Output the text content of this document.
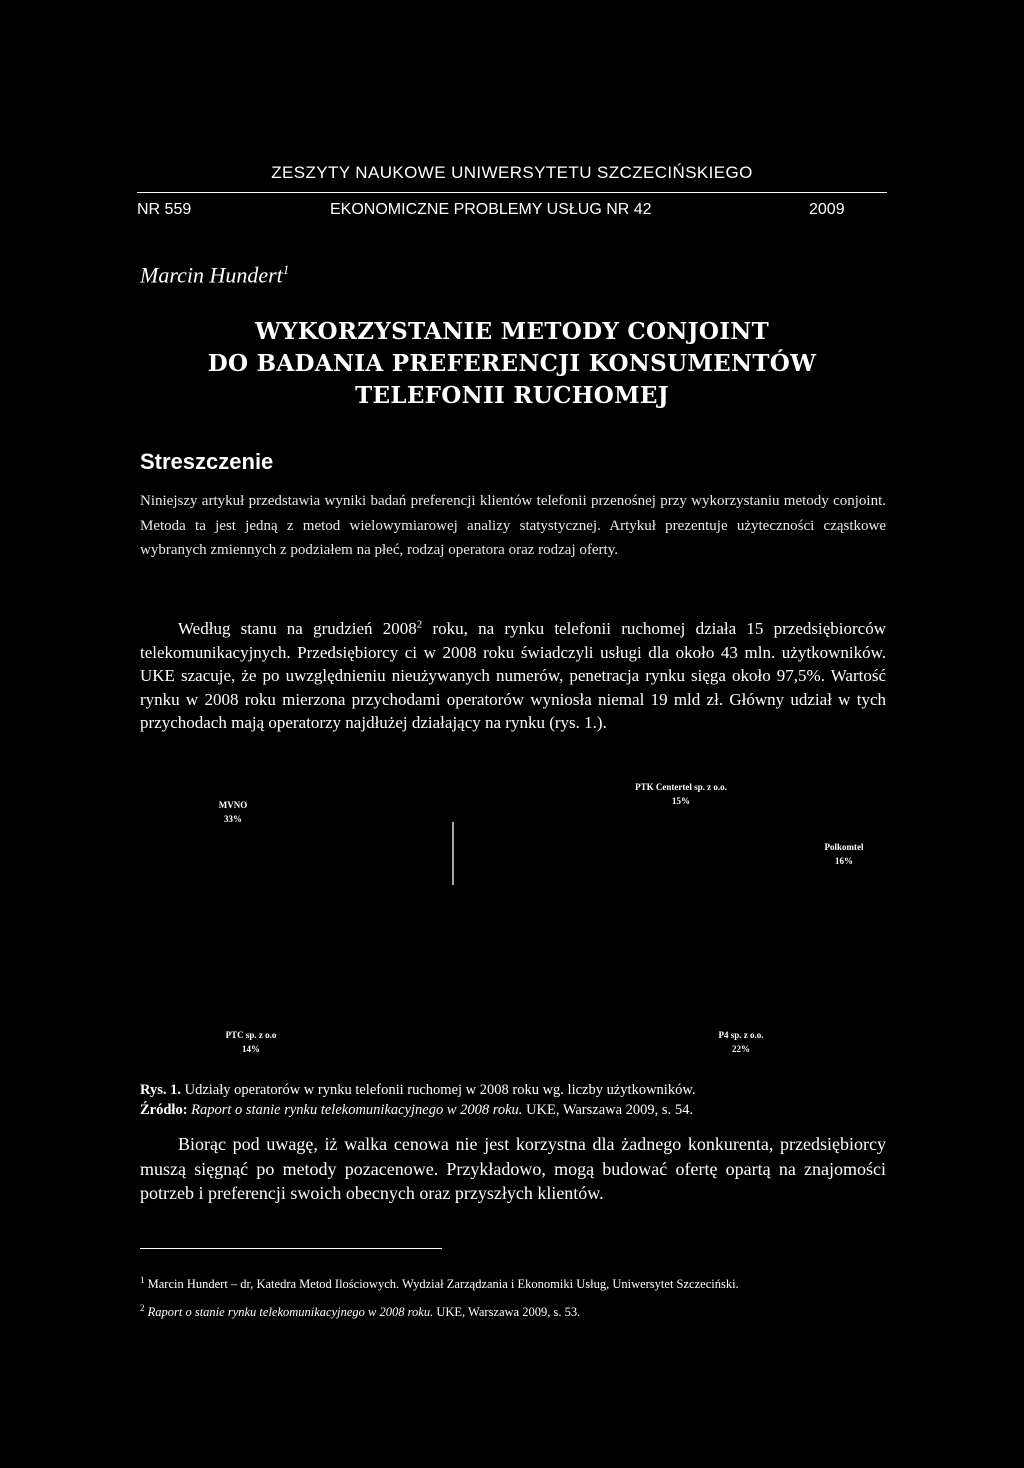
ZESZYTY NAUKOWE UNIWERSYTETU SZCZECIŃSKIEGO
NR 559	EKONOMICZNE PROBLEMY USŁUG NR 42	2009
Marcin Hundert$^1$
WYKORZYSTANIE METODY CONJOINT
DO BADANIA PREFERENCJI KONSUMENTÓW
TELEFONII RUCHOMEJ
Streszczenie
Niniejszy artykuł przedstawia wyniki badań preferencji klientów telefonii przenośnej przy wykorzystaniu metody conjoint. Metoda ta jest jedną z metod wielowymiarowej analizy statystycznej. Artykuł prezentuje użyteczności cząstkowe wybranych zmiennych z podziałem na płeć, rodzaj operatora oraz rodzaj oferty.
Według stanu na grudzień 2008$^2$ roku, na rynku telefonii ruchomej działa 15 przedsiębiorców telekomunikacyjnych. Przedsiębiorcy ci w 2008 roku świadczyli usługi dla około 43 mln. użytkowników. UKE szacuje, że po uwzględnieniu nieużywanych numerów, penetracja rynku sięga około 97,5%. Wartość rynku w 2008 roku mierzona przychodami operatorów wyniosła niemal 19 mld zł. Główny udział w tych przychodach mają operatorzy najdłużej działający na rynku (rys. 1.).
MVNO
33%
PTK Centertel sp. z o.o.
15%
Polkomtel
16%
PTC sp. z o.o
14%
P4 sp. z o.o.
22%
Rys. 1. Udziały operatorów w rynku telefonii ruchomej w 2008 roku wg. liczby użytkowników.
Źródło: Raport o stanie rynku telekomunikacyjnego w 2008 roku. UKE, Warszawa 2009, s. 54.
Biorąc pod uwagę, iż walka cenowa nie jest korzystna dla żadnego konkurenta, przedsiębiorcy muszą sięgnąć po metody pozacenowe. Przykładowo, mogą budować ofertę opartą na znajomości potrzeb i preferencji swoich obecnych oraz przyszłych klientów.
$^1$ Marcin Hundert – dr, Katedra Metod Ilościowych. Wydział Zarządzania i Ekonomiki Usług, Uniwersytet Szczeciński.
$^2$ Raport o stanie rynku telekomunikacyjnego w 2008 roku. UKE, Warszawa 2009, s. 53.
